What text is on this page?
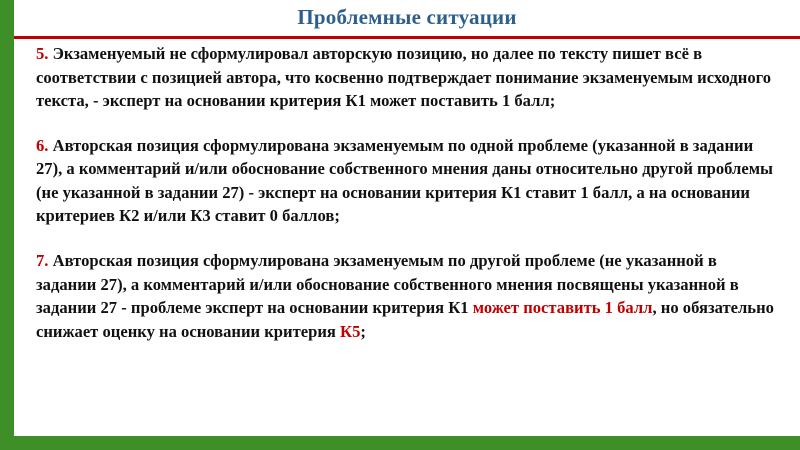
Проблемные ситуации

5. Экзаменуемый не сформулировал авторскую позицию, но далее по тексту пишет всё в соответствии с позицией автора, что косвенно подтверждает понимание экзаменуемым исходного текста, - эксперт на основании критерия К1 может поставить 1 балл;

6. Авторская позиция сформулирована экзаменуемым по одной проблеме (указанной в задании 27), а комментарий и/или обоснование собственного мнения даны относительно другой проблемы (не указанной в задании 27) - эксперт на основании критерия К1 ставит 1 балл, а на основании критериев К2 и/или К3 ставит 0 баллов;

7. Авторская позиция сформулирована экзаменуемым по другой проблеме (не указанной в задании 27), а комментарий и/или обоснование собственного мнения посвящены указанной в задании 27 - проблеме эксперт на основании критерия К1 может поставить 1 балл, но обязательно снижает оценку на основании критерия К5;
